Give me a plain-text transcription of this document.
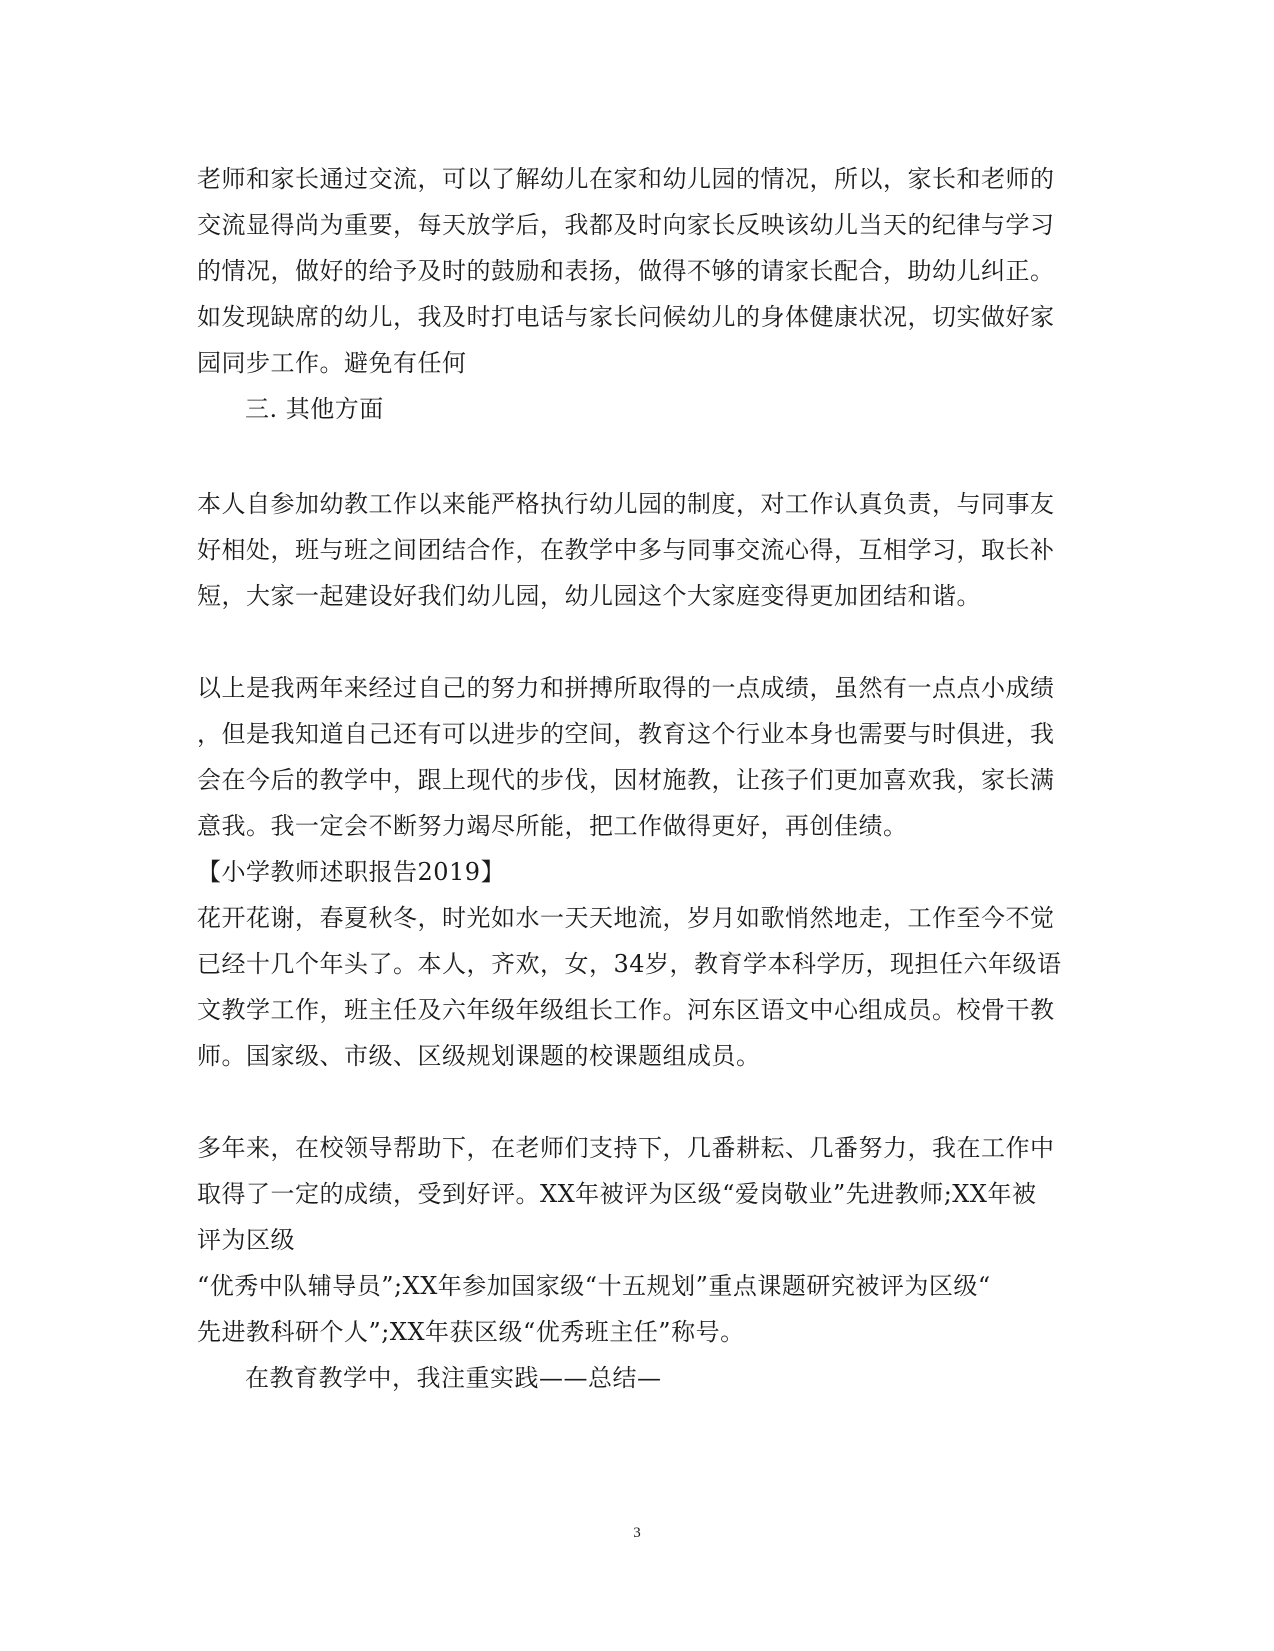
老师和家长通过交流，可以了解幼儿在家和幼儿园的情况，所以，家长和老师的
交流显得尚为重要，每天放学后，我都及时向家长反映该幼儿当天的纪律与学习
的情况，做好的给予及时的鼓励和表扬，做得不够的请家长配合，助幼儿纠正。
如发现缺席的幼儿，我及时打电话与家长问候幼儿的身体健康状况，切实做好家
园同步工作。避免有任何
三. 其他方面
本人自参加幼教工作以来能严格执行幼儿园的制度，对工作认真负责，与同事友
好相处，班与班之间团结合作，在教学中多与同事交流心得，互相学习，取长补
短，大家一起建设好我们幼儿园，幼儿园这个大家庭变得更加团结和谐。
以上是我两年来经过自己的努力和拼搏所取得的一点成绩，虽然有一点点小成绩
，但是我知道自己还有可以进步的空间，教育这个行业本身也需要与时俱进，我
会在今后的教学中，跟上现代的步伐，因材施教，让孩子们更加喜欢我，家长满
意我。我一定会不断努力竭尽所能，把工作做得更好，再创佳绩。
【小学教师述职报告2019】
花开花谢，春夏秋冬，时光如水一天天地流，岁月如歌悄然地走，工作至今不觉
已经十几个年头了。本人，齐欢，女，34岁，教育学本科学历，现担任六年级语
文教学工作，班主任及六年级年级组长工作。河东区语文中心组成员。校骨干教
师。国家级、市级、区级规划课题的校课题组成员。
多年来，在校领导帮助下，在老师们支持下，几番耕耘、几番努力，我在工作中
取得了一定的成绩，受到好评。XX年被评为区级“爱岗敬业”先进教师;XX年被
评为区级
“优秀中队辅导员”;XX年参加国家级“十五规划”重点课题研究被评为区级“
先进教科研个人”;XX年获区级“优秀班主任”称号。
在教育教学中，我注重实践——总结—
3
